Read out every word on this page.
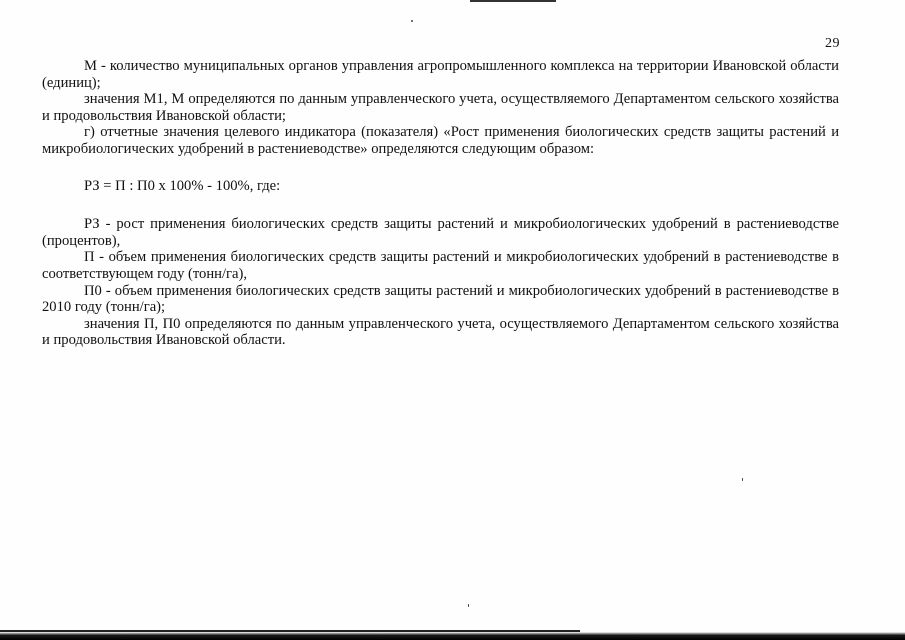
29

М - количество муниципальных органов управления агропромышленного комплекса на территории Ивановской области (единиц);

значения М1, М определяются по данным управленческого учета, осуществляемого Департаментом сельского хозяйства и продовольствия Ивановской области;

г) отчетные значения целевого индикатора (показателя) «Рост применения биологических средств защиты растений и микробиологических удобрений в растениеводстве» определяются следующим образом:

РЗ = П : П0 х 100% - 100%, где:

РЗ - рост применения биологических средств защиты растений и микробиологических удобрений в растениеводстве (процентов),

П - объем применения биологических средств защиты растений и микробиологических удобрений в растениеводстве в соответствующем году (тонн/га),

П0 - объем применения биологических средств защиты растений и микробиологических удобрений в растениеводстве в 2010 году (тонн/га);

значения П, П0 определяются по данным управленческого учета, осуществляемого Департаментом сельского хозяйства и продовольствия Ивановской области.
